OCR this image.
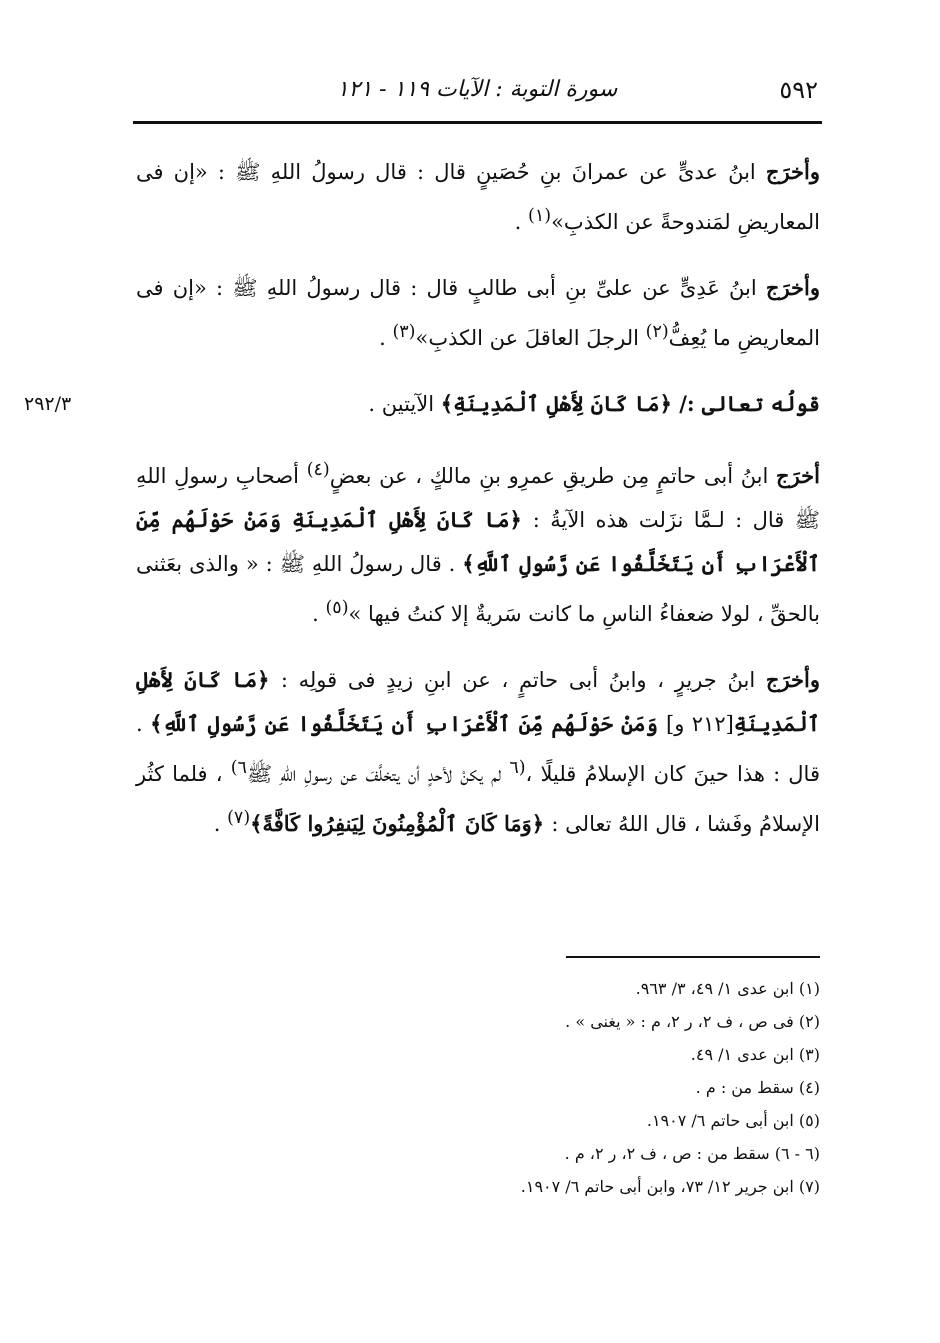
٥٩٢
سورة التوبة : الآيات ١١٩ - ١٢١

وأخرَج ابنُ عدىٍّ عن عمرانَ بنِ حُصَينٍ قال : قال رسولُ اللهِ ﷺ : «إن فى المعاريضِ لمَندوحةً عن الكذبِ»$^{(١)}$ .

وأخرَج ابنُ عَدِىٍّ عن علىِّ بنِ أبى طالبٍ قال : قال رسولُ اللهِ ﷺ : «إن فى المعاريضِ ما يُعِفُّ$^{(٢)}$ الرجلَ العاقلَ عن الكذبِ»$^{(٣)}$ .

٢٩٢/٣	قولُه تعالى :/ ﴿مَا كَانَ لِأَهْلِ ٱلْمَدِينَةِ﴾ الآيتين .

أخرَج ابنُ أبى حاتمٍ مِن طريقِ عمرِو بنِ مالكٍ ، عن بعضٍ$^{(٤)}$ أصحابِ رسولِ اللهِ ﷺ قال : لـمَّا نزَلت هذه الآيةُ : ﴿مَا كَانَ لِأَهْلِ ٱلْمَدِينَةِ وَمَنْ حَوْلَهُم مِّنَ ٱلْأَعْرَابِ أَن يَتَخَلَّفُوا عَن رَّسُولِ ٱللَّهِ﴾ . قال رسولُ اللهِ ﷺ : « والذى بعَثنى بالحقِّ ، لولا ضعفاءُ الناسِ ما كانت سَريةٌ إلا كنتُ فيها »$^{(٥)}$ .

وأخرَج ابنُ جريرٍ ، وابنُ أبى حاتمٍ ، عن ابنِ زيدٍ فى قولِه : ﴿مَا كَانَ لِأَهْلِ ٱلْمَدِينَةِ[٢١٢ و] وَمَنْ حَوْلَهُم مِّنَ ٱلْأَعْرَابِ أَن يَتَخَلَّفُوا عَن رَّسُولِ ٱللَّهِ﴾ . قال : هذا حينَ كان الإسلامُ قليلًا ،$^{(٦}$ لم يكنْ لأحدٍ أن يتخلَّفَ عن رسولِ اللهِ ﷺ$^{٦)}$ ، فلما كثُر الإسلامُ وفَشا ، قال اللهُ تعالى : ﴿وَمَا كَانَ ٱلْمُؤْمِنُونَ لِيَنفِرُوا كَافَّةً﴾$^{(٧)}$ .

(١) ابن عدى ١/ ٤٩، ٣/ ٩٦٣.
(٢) فى ص ، ف ٢، ر ٢، م : « يغنى » .
(٣) ابن عدى ١/ ٤٩.
(٤) سقط من : م .
(٥) ابن أبى حاتم ٦/ ١٩٠٧.
(٦ - ٦) سقط من : ص ، ف ٢، ر ٢، م .
(٧) ابن جرير ١٢/ ٧٣، وابن أبى حاتم ٦/ ١٩٠٧.
